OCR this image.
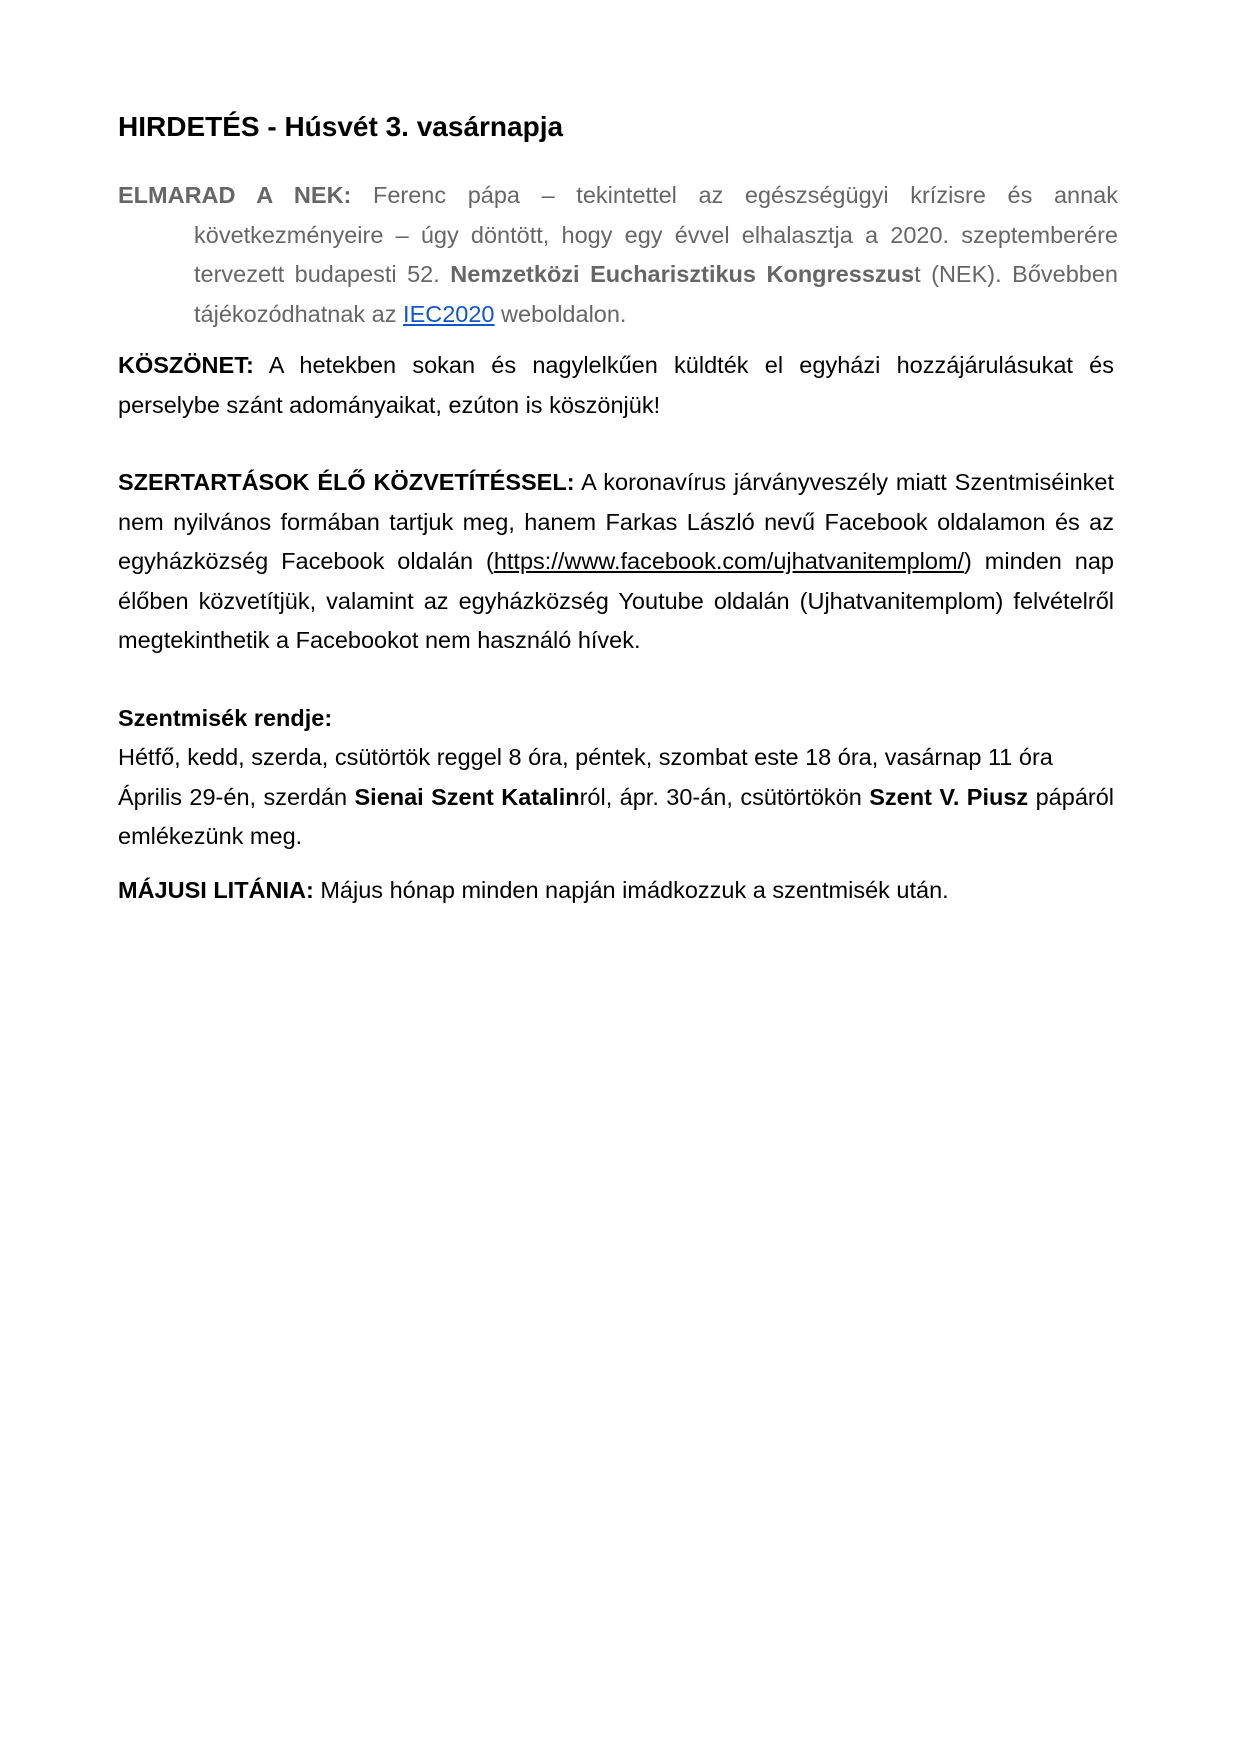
HIRDETÉS - Húsvét 3. vasárnapja

ELMARAD A NEK: Ferenc pápa – tekintettel az egészségügyi krízisre és annak következményeire – úgy döntött, hogy egy évvel elhalasztja a 2020. szeptemberére tervezett budapesti 52. Nemzetközi Eucharisztikus Kongresszust (NEK). Bővebben tájékozódhatnak az IEC2020 weboldalon.

KÖSZÖNET: A hetekben sokan és nagylelkűen küldték el egyházi hozzájárulásukat és perselybe szánt adományaikat, ezúton is köszönjük!

SZERTARTÁSOK ÉLŐ KÖZVETÍTÉSSEL: A koronavírus járványveszély miatt Szentmiséinket nem nyilvános formában tartjuk meg, hanem Farkas László nevű Facebook oldalamon és az egyházközség Facebook oldalán (https://www.facebook.com/ujhatvanitemplom/) minden nap élőben közvetítjük, valamint az egyházközség Youtube oldalán (Ujhatvanitemplom) felvételről megtekinthetik a Facebookot nem használó hívek.

Szentmisék rendje:
Hétfő, kedd, szerda, csütörtök reggel 8 óra, péntek, szombat este 18 óra, vasárnap 11 óra
Április 29-én, szerdán Sienai Szent Katalinról, ápr. 30-án, csütörtökön Szent V. Piusz pápáról emlékezünk meg.

MÁJUSI LITÁNIA: Május hónap minden napján imádkozzuk a szentmisék után.
